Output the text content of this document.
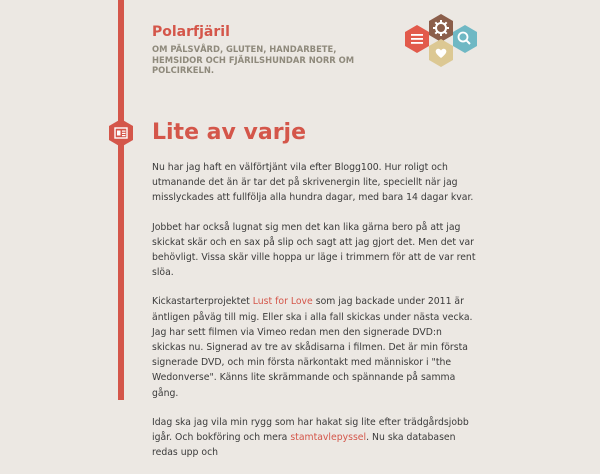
Polarfjäril
OM PÄLSVÅRD, GLUTEN, HANDARBETE, HEMSIDOR OCH FJÄRILSHUNDAR NORR OM POLCIRKELN.
Lite av varje

Nu har jag haft en välförtjänt vila efter Blogg100. Hur roligt och utmanande det än är tar det på skrivenergin lite, speciellt när jag misslyckades att fullfölja alla hundra dagar, med bara 14 dagar kvar.

Jobbet har också lugnat sig men det kan lika gärna bero på att jag skickat skär och en sax på slip och sagt att jag gjort det. Men det var behövligt. Vissa skär ville hoppa ur läge i trimmern för att de var rent slöa.

Kickastarterprojektet Lust for Love som jag backade under 2011 är äntligen påväg till mig. Eller ska i alla fall skickas under nästa vecka. Jag har sett filmen via Vimeo redan men den signerade DVD:n skickas nu. Signerad av tre av skådisarna i filmen. Det är min första signerade DVD, och min första närkontakt med människor i "the Wedonverse". Känns lite skrämmande och spännande på samma gång.

Idag ska jag vila min rygg som har hakat sig lite efter trädgårdsjobb igår. Och bokföring och mera stamtavlepyssel. Nu ska databasen redas upp och
